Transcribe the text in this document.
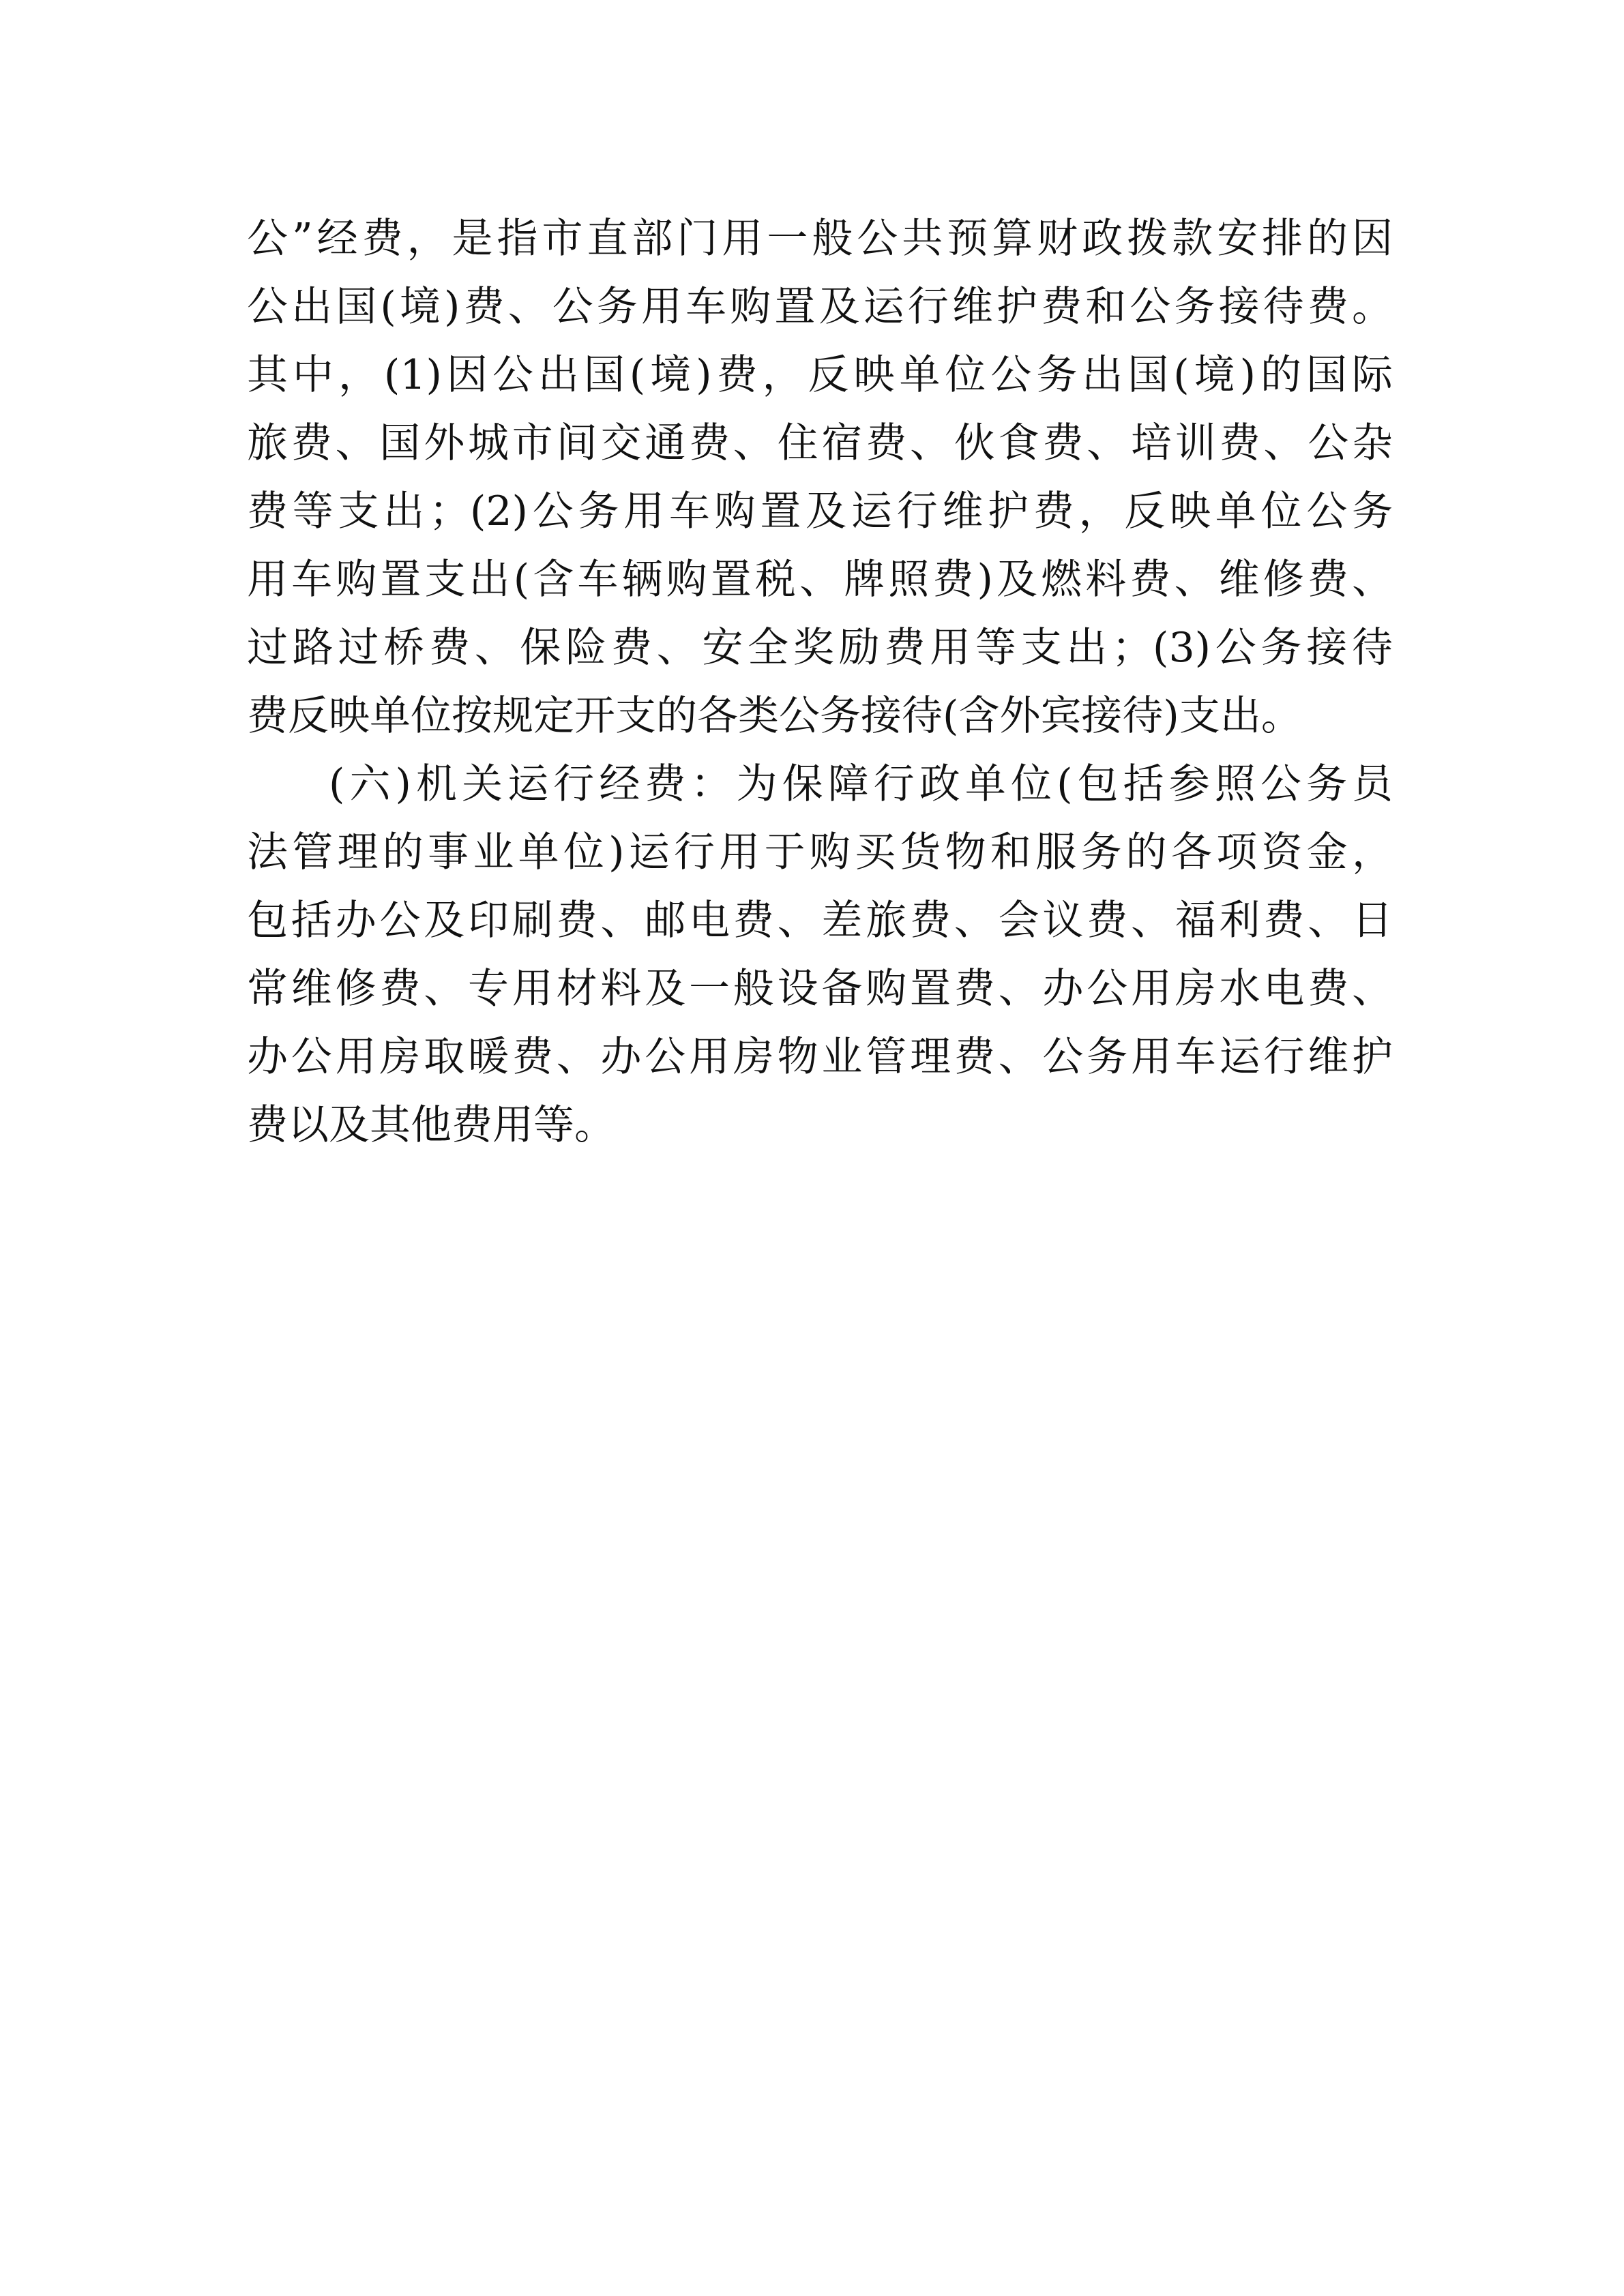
公”经费，是指市直部门用一般公共预算财政拨款安排的因
公出国(境)费、公务用车购置及运行维护费和公务接待费。
其中，(1)因公出国(境)费，反映单位公务出国(境)的国际
旅费、国外城市间交通费、住宿费、伙食费、培训费、公杂
费等支出；(2)公务用车购置及运行维护费，反映单位公务
用车购置支出(含车辆购置税、牌照费)及燃料费、维修费、
过路过桥费、保险费、安全奖励费用等支出；(3)公务接待
费反映单位按规定开支的各类公务接待(含外宾接待)支出。
(六)机关运行经费：为保障行政单位(包括参照公务员
法管理的事业单位)运行用于购买货物和服务的各项资金，
包括办公及印刷费、邮电费、差旅费、会议费、福利费、日
常维修费、专用材料及一般设备购置费、办公用房水电费、
办公用房取暖费、办公用房物业管理费、公务用车运行维护
费以及其他费用等。
